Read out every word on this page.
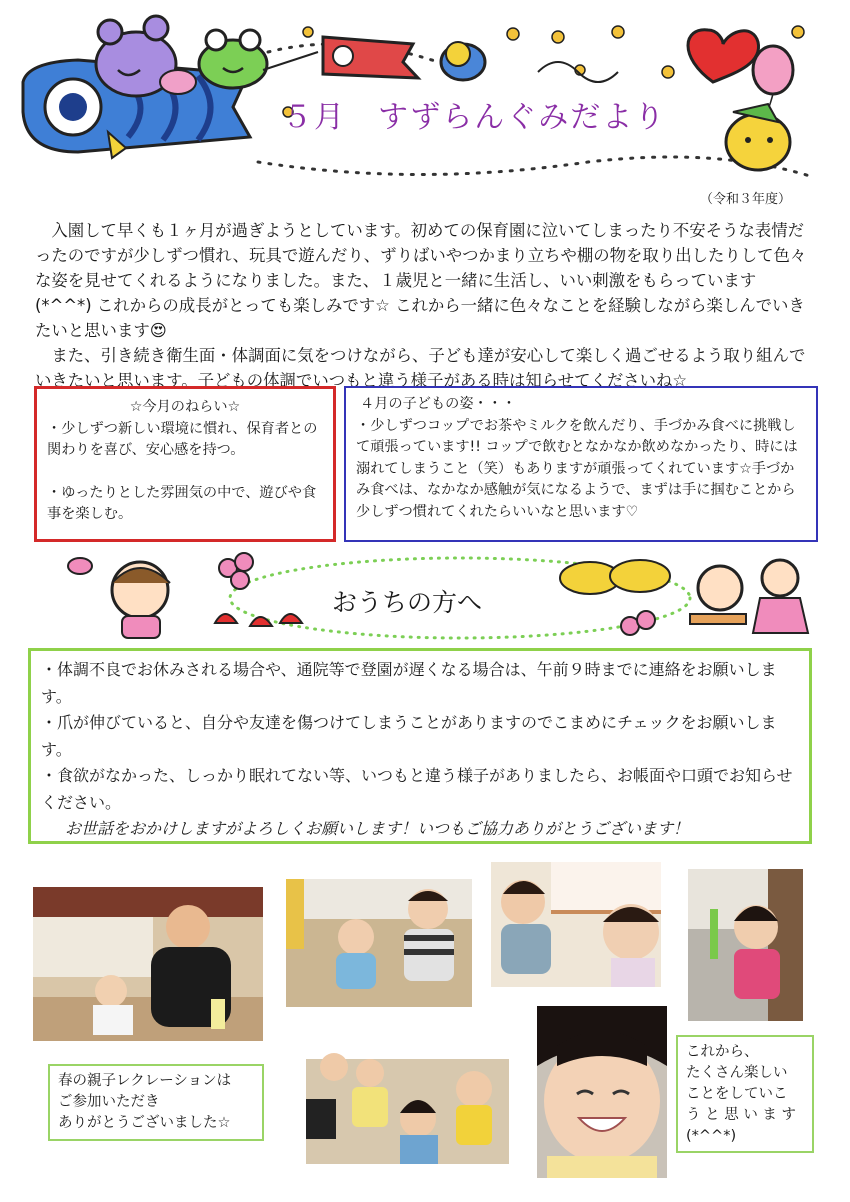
５月　すずらんぐみだより
（令和３年度）

入園して早くも１ヶ月が過ぎようとしています。初めての保育園に泣いてしまったり不安そうな表情だったのですが少しずつ慣れ、玩具で遊んだり、ずりばいやつかまり立ちや棚の物を取り出したりして色々な姿を見せてくれるようになりました。また、１歳児と一緒に生活し、いい刺激をもらっています(*^^*) これからの成長がとっても楽しみです☆ これから一緒に色々なことを経験しながら楽しんでいきたいと思います😍

また、引き続き衛生面・体調面に気をつけながら、子ども達が安心して楽しく過ごせるよう取り組んでいきたいと思います。子どもの体調でいつもと違う様子がある時は知らせてくださいね☆

☆今月のねらい☆
・少しずつ新しい環境に慣れ、保育者との関わりを喜び、安心感を持つ。
・ゆったりとした雰囲気の中で、遊びや食事を楽しむ。
４月の子どもの姿・・・
・少しずつコップでお茶やミルクを飲んだり、手づかみ食べに挑戦して頑張っています!! コップで飲むとなかなか飲めなかったり、時には溺れてしまうこと（笑）もありますが頑張ってくれています☆手づかみ食べは、なかなか感触が気になるようで、まずは手に掴むことから少しずつ慣れてくれたらいいなと思います♡
おうちの方へ
・体調不良でお休みされる場合や、通院等で登園が遅くなる場合は、午前９時までに連絡をお願いします。
・爪が伸びていると、自分や友達を傷つけてしまうことがありますのでこまめにチェックをお願いします。
・食欲がなかった、しっかり眠れてない等、いつもと違う様子がありましたら、お帳面や口頭でお知らせください。
お世話をおかけしますがよろしくお願いします！いつもご協力ありがとうございます！
春の親子レクレーションは
ご参加いただき
ありがとうございました☆
これから、
たくさん楽しい
ことをしていこ
う と 思 い ま す
(*^^*)
